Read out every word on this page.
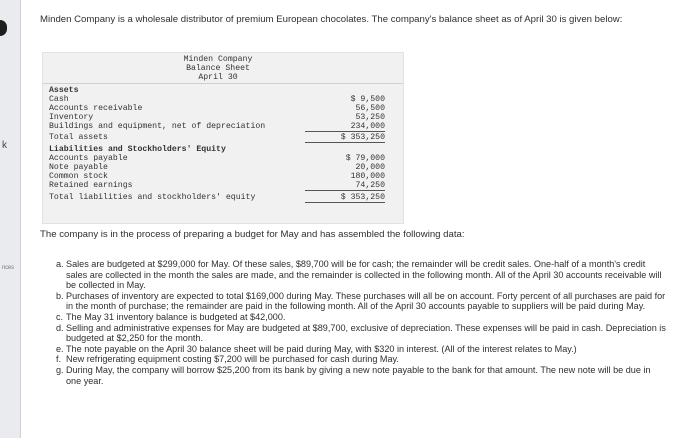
k
nces
Minden Company is a wholesale distributor of premium European chocolates. The company's balance sheet as of April 30 is given below:
Minden Company
Balance Sheet
April 30
Assets
Cash	$ 9,500
Accounts receivable	56,500
Inventory	53,250
Buildings and equipment, net of depreciation	234,000
Total assets	$ 353,250
Liabilities and Stockholders' Equity
Accounts payable	$ 79,000
Note payable	20,000
Common stock	180,000
Retained earnings	74,250
Total liabilities and stockholders' equity	$ 353,250
The company is in the process of preparing a budget for May and has assembled the following data:
a. Sales are budgeted at $299,000 for May. Of these sales, $89,700 will be for cash; the remainder will be credit sales. One-half of a month's credit sales are collected in the month the sales are made, and the remainder is collected in the following month. All of the April 30 accounts receivable will be collected in May.
b. Purchases of inventory are expected to total $169,000 during May. These purchases will all be on account. Forty percent of all purchases are paid for in the month of purchase; the remainder are paid in the following month. All of the April 30 accounts payable to suppliers will be paid during May.
c. The May 31 inventory balance is budgeted at $42,000.
d. Selling and administrative expenses for May are budgeted at $89,700, exclusive of depreciation. These expenses will be paid in cash. Depreciation is budgeted at $2,250 for the month.
e. The note payable on the April 30 balance sheet will be paid during May, with $320 in interest. (All of the interest relates to May.)
f. New refrigerating equipment costing $7,200 will be purchased for cash during May.
g. During May, the company will borrow $25,200 from its bank by giving a new note payable to the bank for that amount. The new note will be due in one year.
